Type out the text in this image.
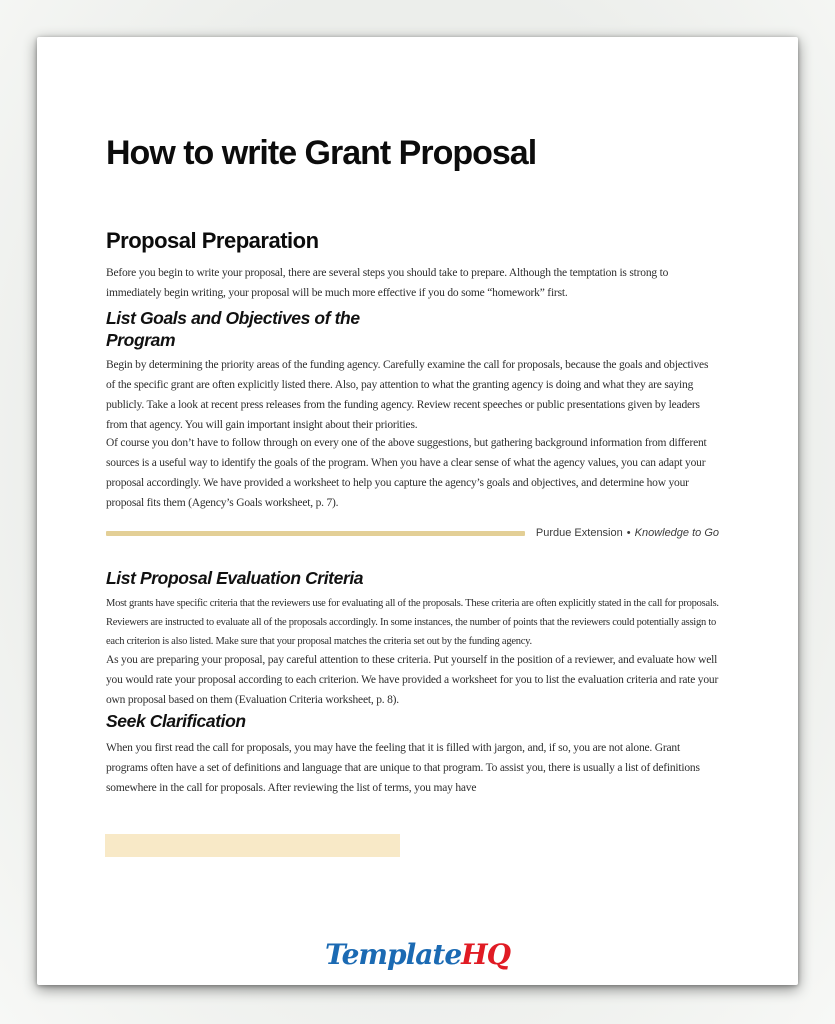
How to write Grant Proposal
Proposal Preparation

Before you begin to write your proposal, there are several steps you should take to prepare. Although the temptation is strong to immediately begin writing, your proposal will be much more effective if you do some “homework” first.

List Goals and Objectives of the Program

Begin by determining the priority areas of the funding agency. Carefully examine the call for proposals, because the goals and objectives of the specific grant are often explicitly listed there. Also, pay attention to what the granting agency is doing and what they are saying publicly. Take a look at recent press releases from the funding agency. Review recent speeches or public presentations given by leaders from that agency. You will gain important insight about their priorities.

Of course you don’t have to follow through on every one of the above suggestions, but gathering background information from different sources is a useful way to identify the goals of the program. When you have a clear sense of what the agency values, you can adapt your proposal accordingly. We have provided a worksheet to help you capture the agency’s goals and objectives, and determine how your proposal fits them (Agency’s Goals worksheet, p. 7).

Purdue Extension • Knowledge to Go
List Proposal Evaluation Criteria

Most grants have specific criteria that the reviewers use for evaluating all of the proposals. These criteria are often explicitly stated in the call for proposals. Reviewers are instructed to evaluate all of the proposals accordingly. In some instances, the number of points that the reviewers could potentially assign to each criterion is also listed. Make sure that your proposal matches the criteria set out by the funding agency.

As you are preparing your proposal, pay careful attention to these criteria. Put yourself in the position of a reviewer, and evaluate how well you would rate your proposal according to each criterion. We have provided a worksheet for you to list the evaluation criteria and rate your own proposal based on them (Evaluation Criteria worksheet, p. 8).

Seek Clarification

When you first read the call for proposals, you may have the feeling that it is filled with jargon, and, if so, you are not alone. Grant programs often have a set of definitions and language that are unique to that program. To assist you, there is usually a list of definitions somewhere in the call for proposals. After reviewing the list of terms, you may have

TemplateHQ
